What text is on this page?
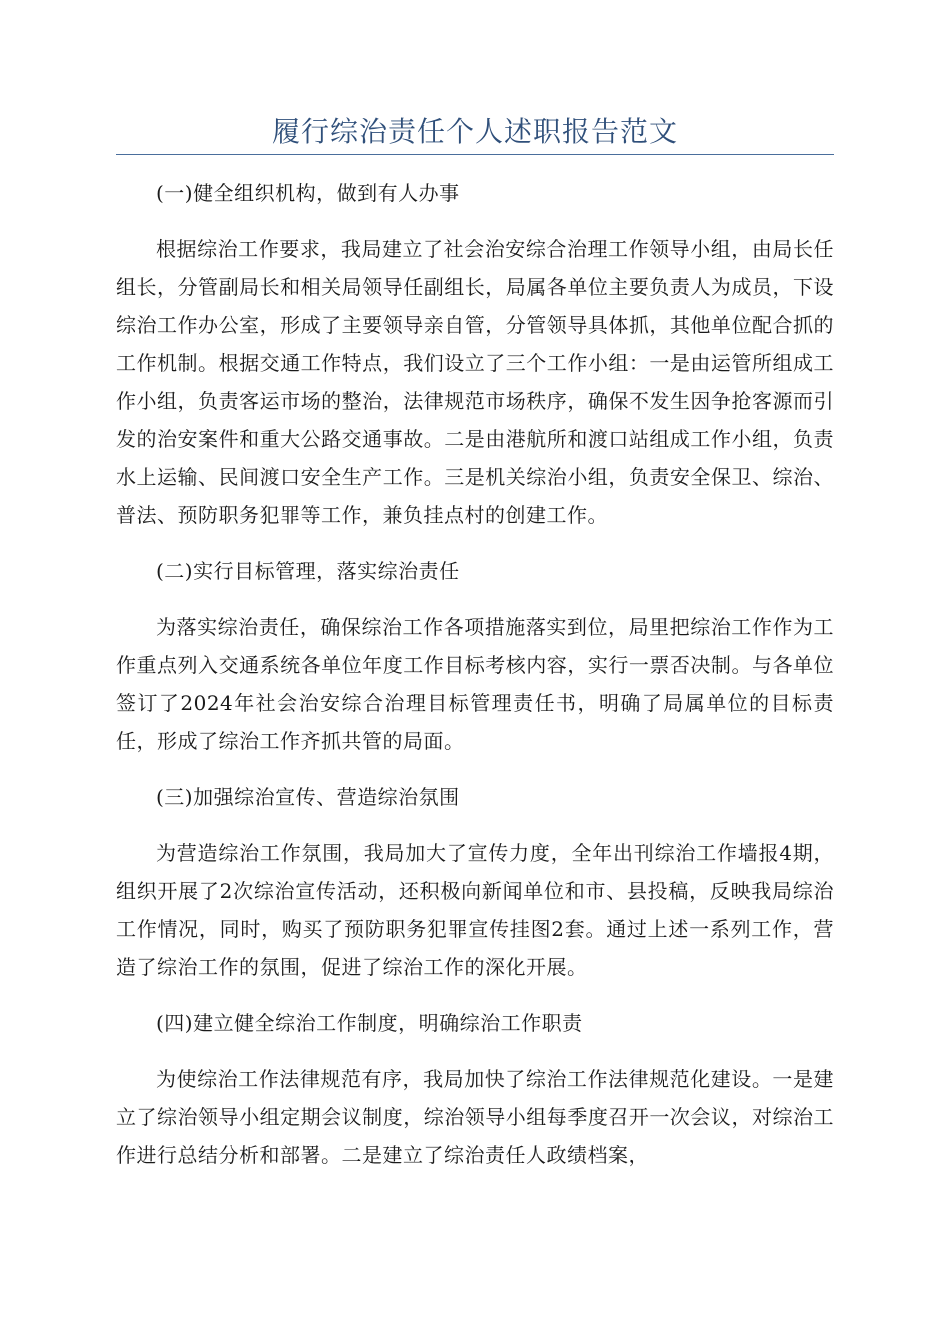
履行综治责任个人述职报告范文

(一)健全组织机构，做到有人办事

根据综治工作要求，我局建立了社会治安综合治理工作领导小组，由局长任组长，分管副局长和相关局领导任副组长，局属各单位主要负责人为成员，下设综治工作办公室，形成了主要领导亲自管，分管领导具体抓，其他单位配合抓的工作机制。根据交通工作特点，我们设立了三个工作小组：一是由运管所组成工作小组，负责客运市场的整治，法律规范市场秩序，确保不发生因争抢客源而引发的治安案件和重大公路交通事故。二是由港航所和渡口站组成工作小组，负责水上运输、民间渡口安全生产工作。三是机关综治小组，负责安全保卫、综治、普法、预防职务犯罪等工作，兼负挂点村的创建工作。

(二)实行目标管理，落实综治责任

为落实综治责任，确保综治工作各项措施落实到位，局里把综治工作作为工作重点列入交通系统各单位年度工作目标考核内容，实行一票否决制。与各单位签订了2024年社会治安综合治理目标管理责任书，明确了局属单位的目标责任，形成了综治工作齐抓共管的局面。

(三)加强综治宣传、营造综治氛围

为营造综治工作氛围，我局加大了宣传力度，全年出刊综治工作墙报4期，组织开展了2次综治宣传活动，还积极向新闻单位和市、县投稿，反映我局综治工作情况，同时，购买了预防职务犯罪宣传挂图2套。通过上述一系列工作，营造了综治工作的氛围，促进了综治工作的深化开展。

(四)建立健全综治工作制度，明确综治工作职责

为使综治工作法律规范有序，我局加快了综治工作法律规范化建设。一是建立了综治领导小组定期会议制度，综治领导小组每季度召开一次会议，对综治工作进行总结分析和部署。二是建立了综治责任人政绩档案，
